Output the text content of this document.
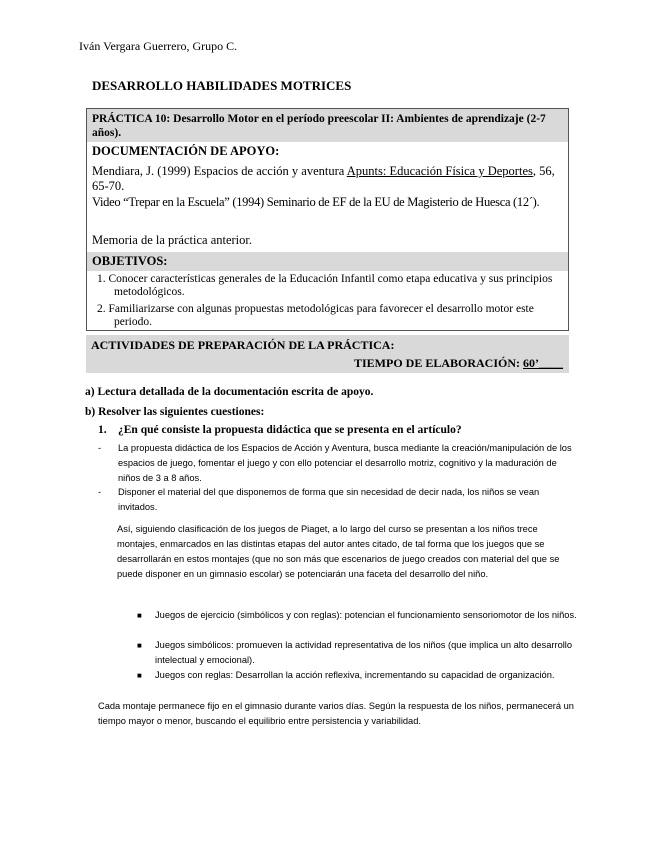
Iván Vergara Guerrero, Grupo C.
DESARROLLO HABILIDADES MOTRICES
PRÁCTICA 10: Desarrollo Motor en el período preescolar II: Ambientes de aprendizaje (2-7 años).
DOCUMENTACIÓN DE APOYO:
Mendiara, J. (1999) Espacios de acción y aventura Apunts: Educación Física y Deportes, 56, 65-70.
Video “Trepar en la Escuela” (1994) Seminario de EF de la EU de Magisterio de Huesca (12´).
Memoria de la práctica anterior.
OBJETIVOS:
1. Conocer características generales de la Educación Infantil como etapa educativa y sus principios metodológicos.
2. Familiarizarse con algunas propuestas metodológicas para favorecer el desarrollo motor este periodo.
ACTIVIDADES DE PREPARACIÓN DE LA PRÁCTICA:
TIEMPO DE ELABORACIÓN: 60’____
a) Lectura detallada de la documentación escrita de apoyo.
b) Resolver las siguientes cuestiones:
1. ¿En qué consiste la propuesta didáctica que se presenta en el artículo?
- La propuesta didáctica de los Espacios de Acción y Aventura, busca mediante la creación/manipulación de los espacios de juego, fomentar el juego y con ello potenciar el desarrollo motriz, cognitivo y la maduración de niños de 3 a 8 años.
- Disponer el material del que disponemos de forma que sin necesidad de decir nada, los niños se vean invitados.
Así, siguiendo clasificación de los juegos de Piaget, a lo largo del curso se presentan a los niños trece montajes, enmarcados en las distintas etapas del autor antes citado, de tal forma que los juegos que se desarrollarán en estos montajes (que no son más que escenarios de juego creados con material del que se puede disponer en un gimnasio escolar) se potenciarán una faceta del desarrollo del niño.
■ Juegos de ejercicio (simbólicos y con reglas): potencian el funcionamiento sensoriomotor de los niños.
■ Juegos simbólicos: promueven la actividad representativa de los niños (que implica un alto desarrollo intelectual y emocional).
■ Juegos con reglas: Desarrollan la acción reflexiva, incrementando su capacidad de organización.
Cada montaje permanece fijo en el gimnasio durante varios días. Según la respuesta de los niños, permanecerá un tiempo mayor o menor, buscando el equilibrio entre persistencia y variabilidad.
